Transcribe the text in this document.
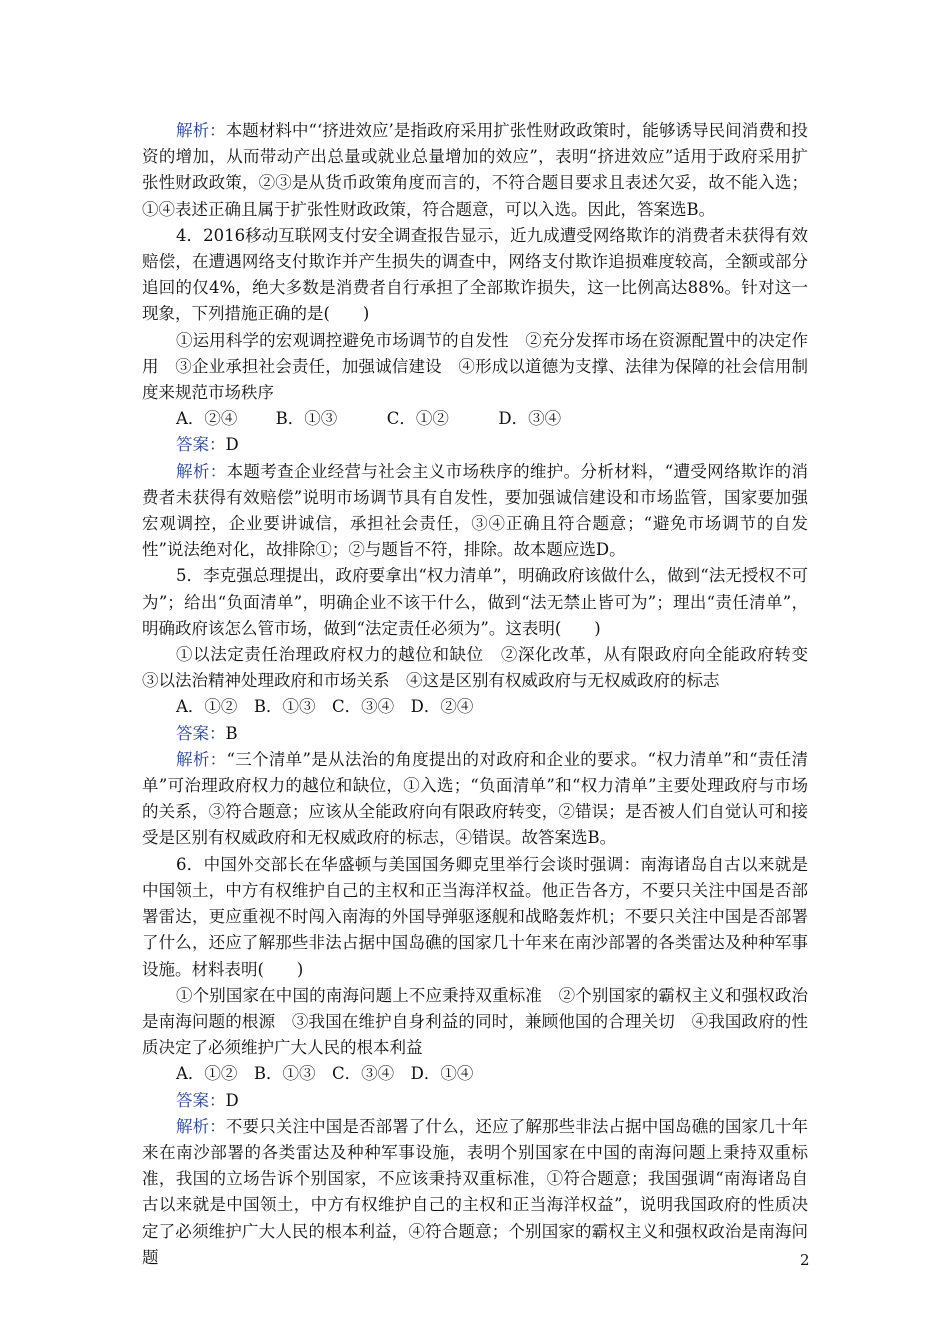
解析：本题材料中“‘挤进效应’是指政府采用扩张性财政政策时，能够诱导民间消费和投资的增加，从而带动产出总量或就业总量增加的效应”，表明“挤进效应”适用于政府采用扩张性财政政策，②③是从货币政策角度而言的，不符合题目要求且表述欠妥，故不能入选；①④表述正确且属于扩张性财政政策，符合题意，可以入选。因此，答案选B。

4．2016移动互联网支付安全调查报告显示，近九成遭受网络欺诈的消费者未获得有效赔偿，在遭遇网络支付欺诈并产生损失的调查中，网络支付欺诈追损难度较高，全额或部分追回的仅4%，绝大多数是消费者自行承担了全部欺诈损失，这一比例高达88%。针对这一现象，下列措施正确的是(　　)

①运用科学的宏观调控避免市场调节的自发性　②充分发挥市场在资源配置中的决定作用　③企业承担社会责任，加强诚信建设　④形成以道德为支撑、法律为保障的社会信用制度来规范市场秩序

A．②④　　 B．①③　　　C．①②　　　D．③④

答案：D

解析：本题考查企业经营与社会主义市场秩序的维护。分析材料，“遭受网络欺诈的消费者未获得有效赔偿”说明市场调节具有自发性，要加强诚信建设和市场监管，国家要加强宏观调控，企业要讲诚信，承担社会责任，③④正确且符合题意；“避免市场调节的自发性”说法绝对化，故排除①；②与题旨不符，排除。故本题应选D。

5．李克强总理提出，政府要拿出“权力清单”，明确政府该做什么，做到“法无授权不可为”；给出“负面清单”，明确企业不该干什么，做到“法无禁止皆可为”；理出“责任清单”，明确政府该怎么管市场，做到“法定责任必须为”。这表明(　　)

①以法定责任治理政府权力的越位和缺位　②深化改革，从有限政府向全能政府转变　③以法治精神处理政府和市场关系　④这是区别有权威政府与无权威政府的标志

A．①②　B．①③　C．③④　D．②④

答案：B

解析：“三个清单”是从法治的角度提出的对政府和企业的要求。“权力清单”和“责任清单”可治理政府权力的越位和缺位，①入选；“负面清单”和“权力清单”主要处理政府与市场的关系，③符合题意；应该从全能政府向有限政府转变，②错误；是否被人们自觉认可和接受是区别有权威政府和无权威政府的标志，④错误。故答案选B。

6．中国外交部长在华盛顿与美国国务卿克里举行会谈时强调：南海诸岛自古以来就是中国领土，中方有权维护自己的主权和正当海洋权益。他正告各方，不要只关注中国是否部署雷达，更应重视不时闯入南海的外国导弹驱逐舰和战略轰炸机；不要只关注中国是否部署了什么，还应了解那些非法占据中国岛礁的国家几十年来在南沙部署的各类雷达及种种军事设施。材料表明(　　)

①个别国家在中国的南海问题上不应秉持双重标准　②个别国家的霸权主义和强权政治是南海问题的根源　③我国在维护自身利益的同时，兼顾他国的合理关切　④我国政府的性质决定了必须维护广大人民的根本利益

A．①②　B．①③　C．③④　D．①④

答案：D

解析：不要只关注中国是否部署了什么，还应了解那些非法占据中国岛礁的国家几十年来在南沙部署的各类雷达及种种军事设施，表明个别国家在中国的南海问题上秉持双重标准，我国的立场告诉个别国家，不应该秉持双重标准，①符合题意；我国强调“南海诸岛自古以来就是中国领土，中方有权维护自己的主权和正当海洋权益”，说明我国政府的性质决定了必须维护广大人民的根本利益，④符合题意；个别国家的霸权主义和强权政治是南海问题	2
